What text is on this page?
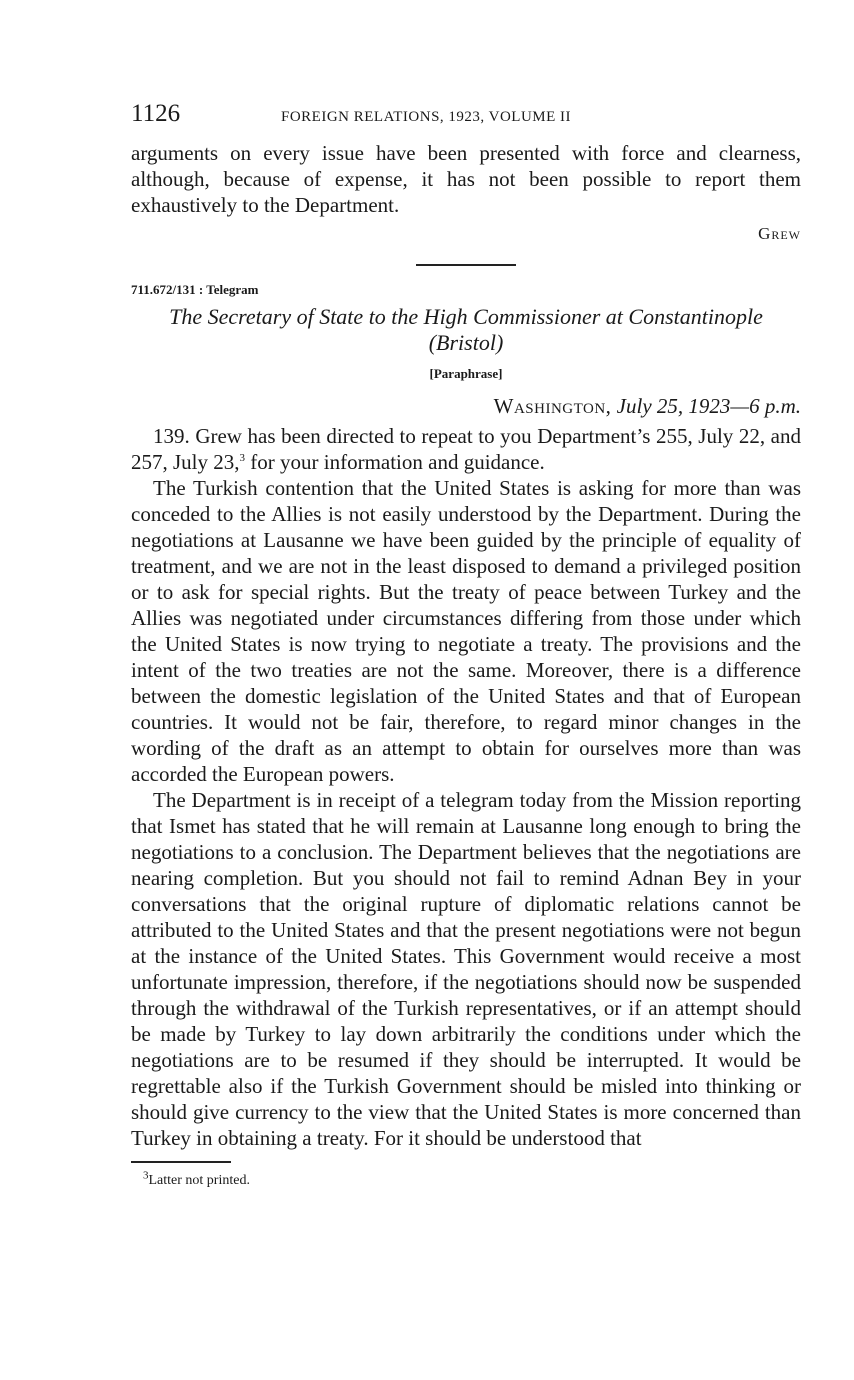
1126	FOREIGN RELATIONS, 1923, VOLUME II

arguments on every issue have been presented with force and clearness, although, because of expense, it has not been possible to report them exhaustively to the Department.

Grew
711.672/131 : Telegram
The Secretary of State to the High Commissioner at Constantinople (Bristol)
[Paraphrase]
Washington, July 25, 1923—6 p.m.

139. Grew has been directed to repeat to you Department’s 255, July 22, and 257, July 23,$^3$ for your information and guidance.

The Turkish contention that the United States is asking for more than was conceded to the Allies is not easily understood by the Department. During the negotiations at Lausanne we have been guided by the principle of equality of treatment, and we are not in the least disposed to demand a privileged position or to ask for special rights. But the treaty of peace between Turkey and the Allies was negotiated under circumstances differing from those under which the United States is now trying to negotiate a treaty. The provisions and the intent of the two treaties are not the same. Moreover, there is a difference between the domestic legislation of the United States and that of European countries. It would not be fair, therefore, to regard minor changes in the wording of the draft as an attempt to obtain for ourselves more than was accorded the European powers.

The Department is in receipt of a telegram today from the Mission reporting that Ismet has stated that he will remain at Lausanne long enough to bring the negotiations to a conclusion. The Department believes that the negotiations are nearing completion. But you should not fail to remind Adnan Bey in your conversations that the original rupture of diplomatic relations cannot be attributed to the United States and that the present negotiations were not begun at the instance of the United States. This Government would receive a most unfortunate impression, therefore, if the negotiations should now be suspended through the withdrawal of the Turkish representatives, or if an attempt should be made by Turkey to lay down arbitrarily the conditions under which the negotiations are to be resumed if they should be interrupted. It would be regrettable also if the Turkish Government should be misled into thinking or should give currency to the view that the United States is more concerned than Turkey in obtaining a treaty. For it should be understood that

$^3$Latter not printed.
